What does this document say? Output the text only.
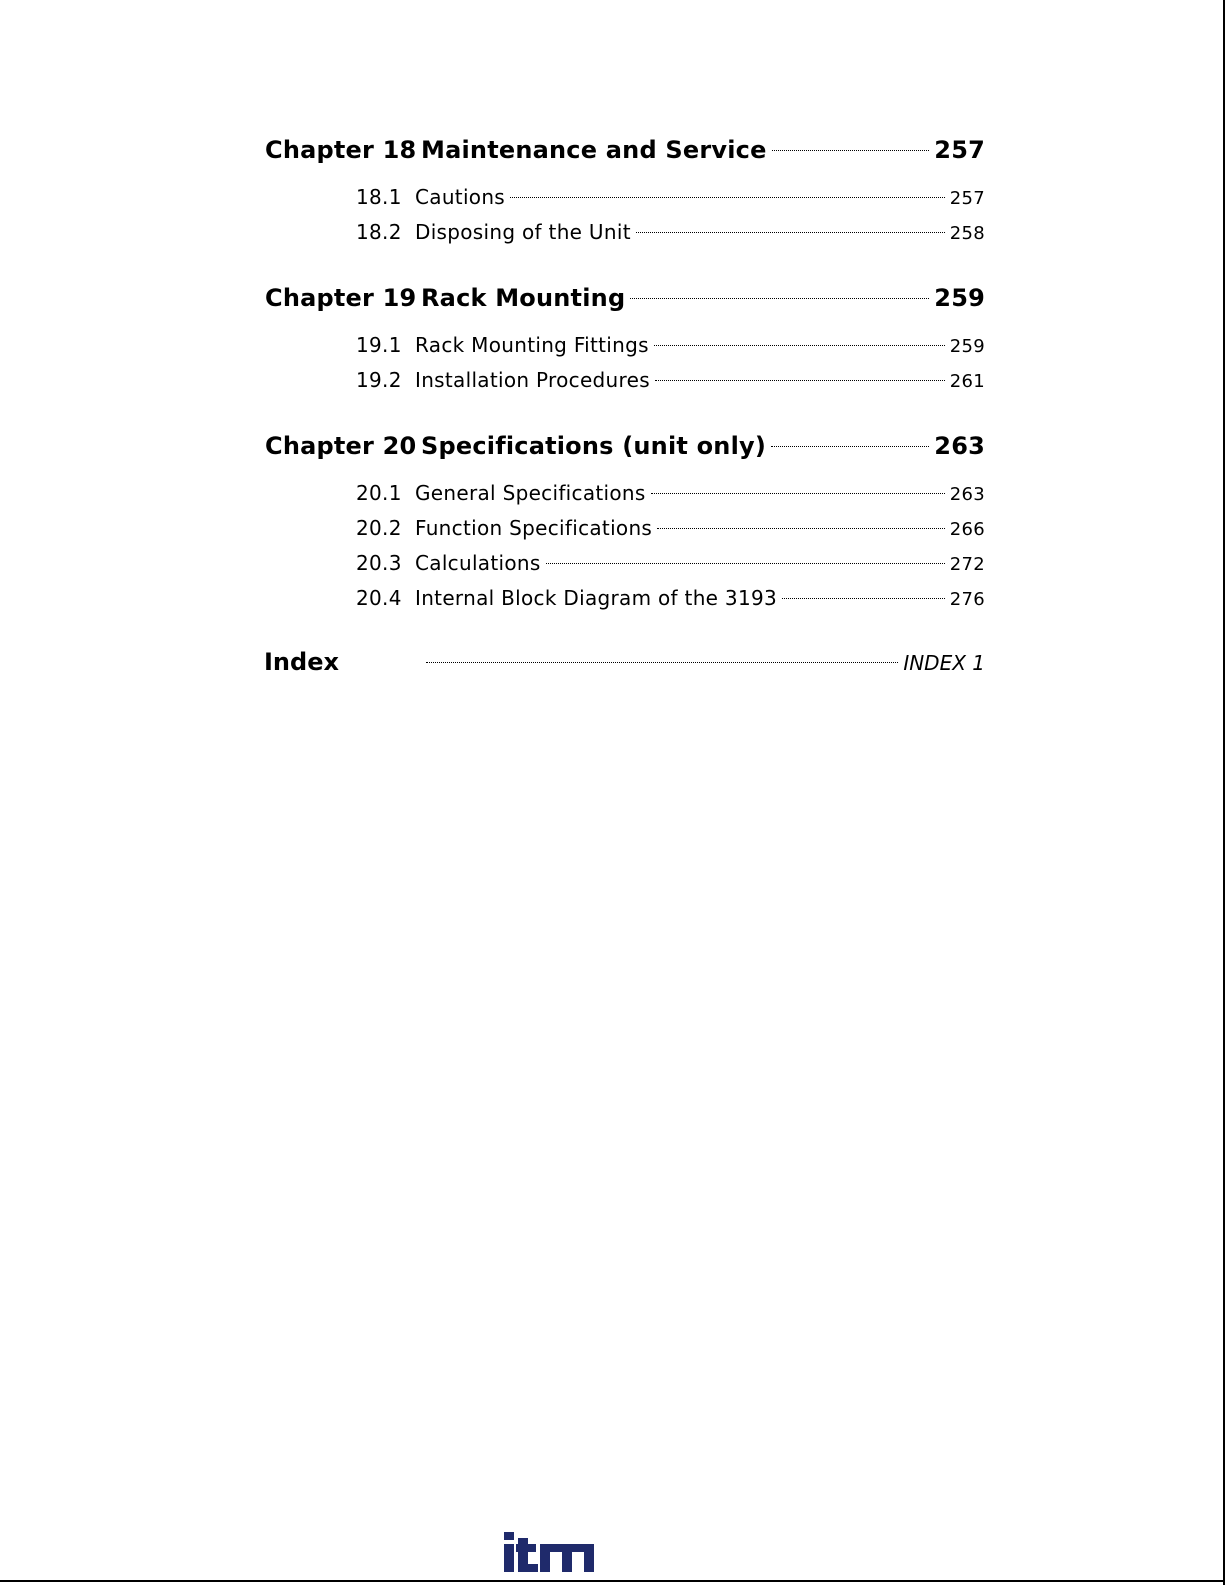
Chapter 18 Maintenance and Service	257
18.1 Cautions	257
18.2 Disposing of the Unit	258
Chapter 19 Rack Mounting	259
19.1 Rack Mounting Fittings	259
19.2 Installation Procedures	261
Chapter 20 Specifications (unit only)	263
20.1 General Specifications	263
20.2 Function Specifications	266
20.3 Calculations	272
20.4 Internal Block Diagram of the 3193	276
Index	INDEX 1
